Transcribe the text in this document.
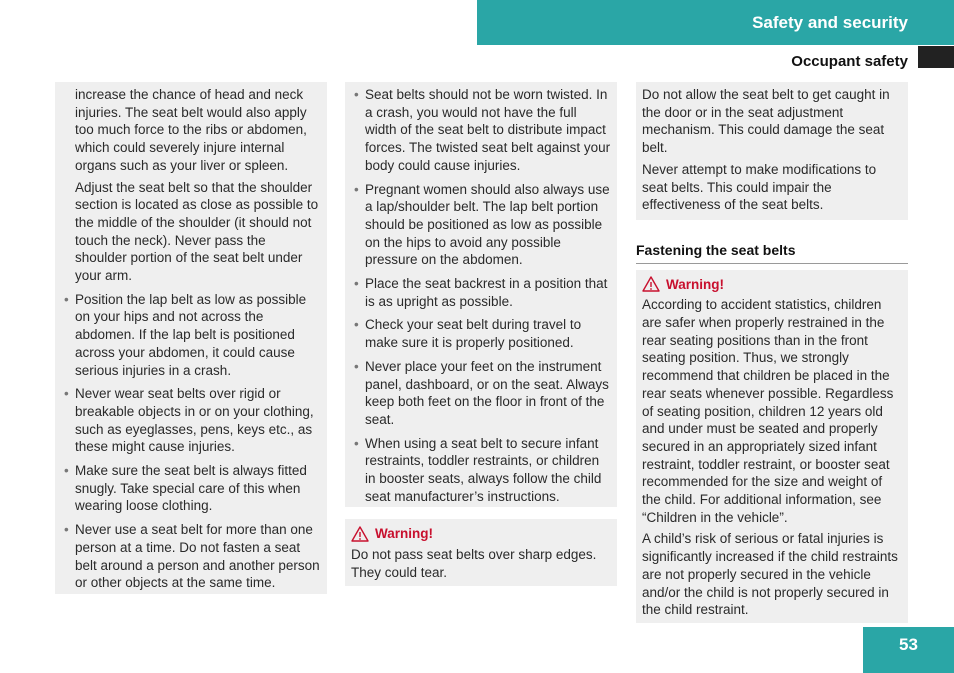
Safety and security
Occupant safety

increase the chance of head and neck injuries. The seat belt would also apply too much force to the ribs or abdomen, which could severely injure internal organs such as your liver or spleen.

Adjust the seat belt so that the shoulder section is located as close as possible to the middle of the shoulder (it should not touch the neck). Never pass the shoulder portion of the seat belt under your arm.

• Position the lap belt as low as possible on your hips and not across the abdomen. If the lap belt is positioned across your abdomen, it could cause serious injuries in a crash.
• Never wear seat belts over rigid or breakable objects in or on your clothing, such as eyeglasses, pens, keys etc., as these might cause injuries.
• Make sure the seat belt is always fitted snugly. Take special care of this when wearing loose clothing.
• Never use a seat belt for more than one person at a time. Do not fasten a seat belt around a person and another person or other objects at the same time.
• Seat belts should not be worn twisted. In a crash, you would not have the full width of the seat belt to distribute impact forces. The twisted seat belt against your body could cause injuries.
• Pregnant women should also always use a lap/shoulder belt. The lap belt portion should be positioned as low as possible on the hips to avoid any possible pressure on the abdomen.
• Place the seat backrest in a position that is as upright as possible.
• Check your seat belt during travel to make sure it is properly positioned.
• Never place your feet on the instrument panel, dashboard, or on the seat. Always keep both feet on the floor in front of the seat.
• When using a seat belt to secure infant restraints, toddler restraints, or children in booster seats, always follow the child seat manufacturer’s instructions.
Warning!

Do not pass seat belts over sharp edges. They could tear.

Do not allow the seat belt to get caught in the door or in the seat adjustment mechanism. This could damage the seat belt.

Never attempt to make modifications to seat belts. This could impair the effectiveness of the seat belts.

Fastening the seat belts
Warning!

According to accident statistics, children are safer when properly restrained in the rear seating positions than in the front seating position. Thus, we strongly recommend that children be placed in the rear seats whenever possible. Regardless of seating position, children 12 years old and under must be seated and properly secured in an appropriately sized infant restraint, toddler restraint, or booster seat recommended for the size and weight of the child. For additional information, see “Children in the vehicle”.

A child’s risk of serious or fatal injuries is significantly increased if the child restraints are not properly secured in the vehicle and/or the child is not properly secured in the child restraint.

53
